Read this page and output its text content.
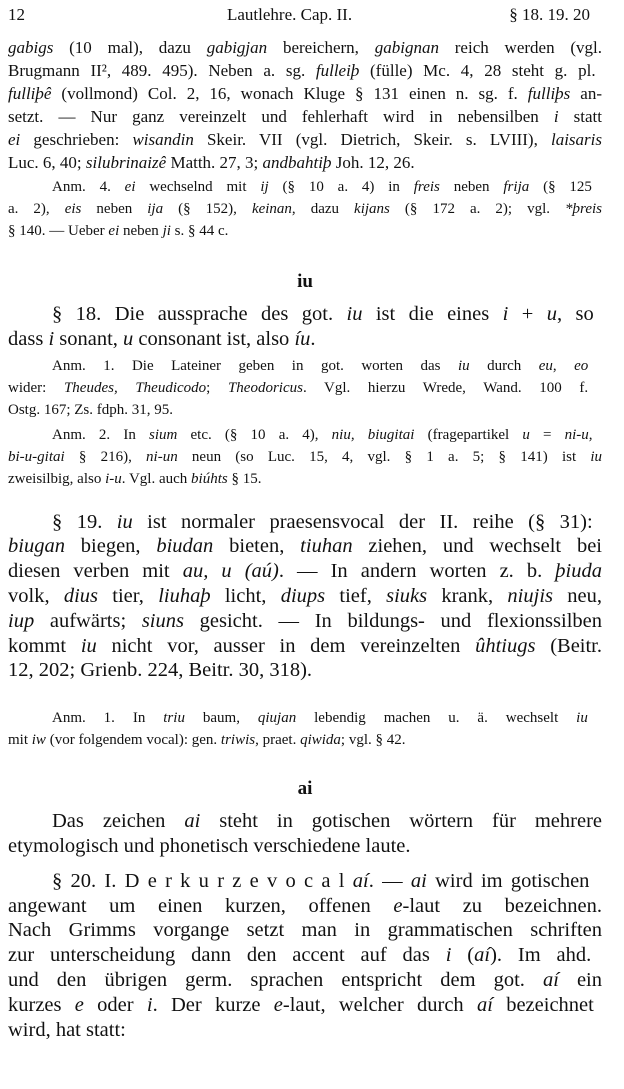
12	Lautlehre. Cap. II.	§ 18. 19. 20
gabigs (10 mal), dazu gabigjan bereichern, gabignan reich werden (vgl.
Brugmann II², 489. 495). Neben a. sg. fulleiþ (fülle) Mc. 4, 28 steht g. pl.
fulliþê (vollmond) Col. 2, 16, wonach Kluge § 131 einen n. sg. f. fulliþs an-
setzt. — Nur ganz vereinzelt und fehlerhaft wird in nebensilben i statt
ei geschrieben: wisandin Skeir. VII (vgl. Dietrich, Skeir. s. LVIII), laisaris
Luc. 6, 40; silubrinaizê Matth. 27, 3; andbahtiþ Joh. 12, 26.
Anm. 4. ei wechselnd mit ij (§ 10 a. 4) in freis neben frija (§ 125
a. 2), eis neben ija (§ 152), keinan, dazu kijans (§ 172 a. 2); vgl. *þreis
§ 140. — Ueber ei neben ji s. § 44 c.
iu
§ 18. Die aussprache des got. iu ist die eines i + u, so
dass i sonant, u consonant ist, also íu.
Anm. 1. Die Lateiner geben in got. worten das iu durch eu, eo
wider: Theudes, Theudicodo; Theodoricus. Vgl. hierzu Wrede, Wand. 100 f.
Ostg. 167; Zs. fdph. 31, 95.
Anm. 2. In sium etc. (§ 10 a. 4), niu, biugitai (fragepartikel u = ni-u,
bi-u-gitai § 216), ni-un neun (so Luc. 15, 4, vgl. § 1 a. 5; § 141) ist iu
zweisilbig, also i-u. Vgl. auch biúhts § 15.
§ 19. iu ist normaler praesensvocal der II. reihe (§ 31):
biugan biegen, biudan bieten, tiuhan ziehen, und wechselt bei
diesen verben mit au, u (aú). — In andern worten z. b. þiuda
volk, dius tier, liuhaþ licht, diups tief, siuks krank, niujis neu,
iup aufwärts; siuns gesicht. — In bildungs- und flexionssilben
kommt iu nicht vor, ausser in dem vereinzelten ûhtiugs (Beitr.
12, 202; Grienb. 224, Beitr. 30, 318).
Anm. 1. In triu baum, qiujan lebendig machen u. ä. wechselt iu
mit iw (vor folgendem vocal): gen. triwis, praet. qiwida; vgl. § 42.
ai
Das zeichen ai steht in gotischen wörtern für mehrere
etymologisch und phonetisch verschiedene laute.
§ 20. I. D e r k u r z e v o c a l aí. — ai wird im gotischen
angewant um einen kurzen, offenen e-laut zu bezeichnen.
Nach Grimms vorgange setzt man in grammatischen schriften
zur unterscheidung dann den accent auf das i (aí). Im ahd.
und den übrigen germ. sprachen entspricht dem got. aí ein
kurzes e oder i. Der kurze e-laut, welcher durch aí bezeichnet
wird, hat statt:
